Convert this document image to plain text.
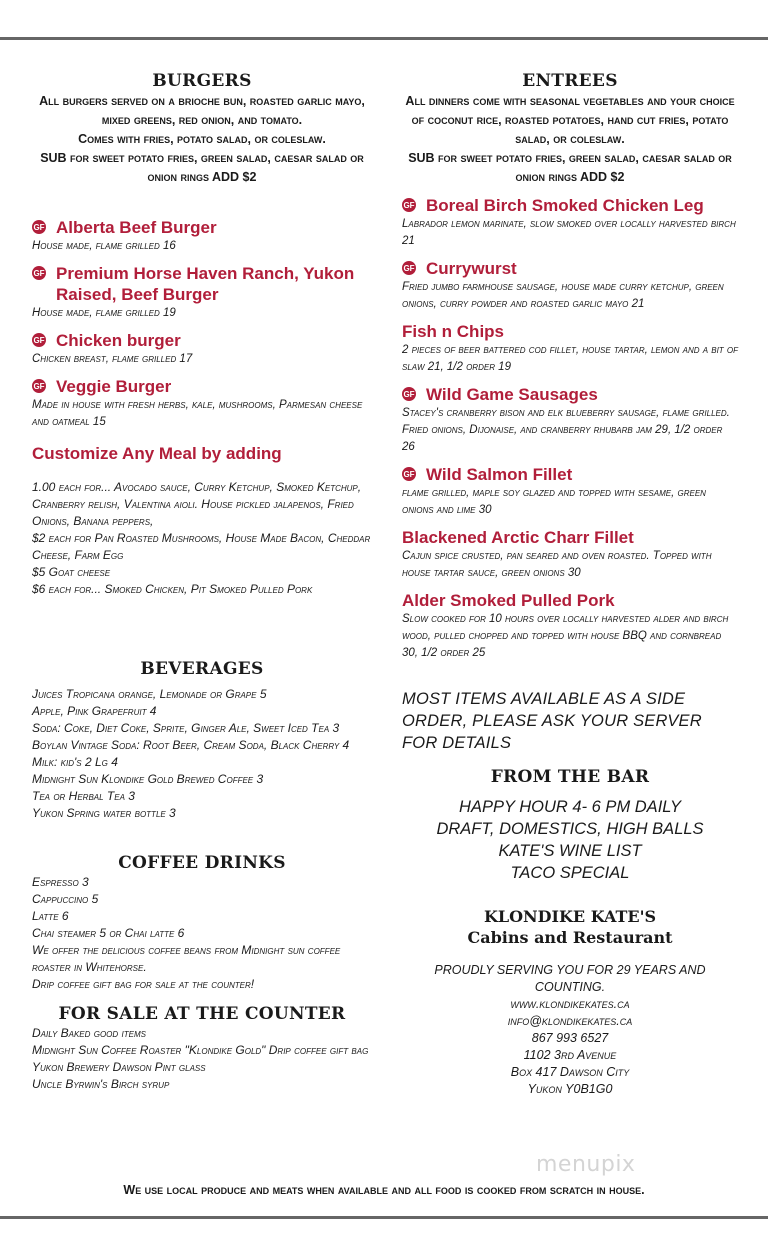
BURGERS
All burgers served on a brioche bun, roasted garlic mayo, mixed greens, red onion, and tomato.
Comes with fries, potato salad, or coleslaw.
SUB for sweet potato fries, green salad, caesar salad or onion rings ADD $2
GF Alberta Beef Burger
House made, flame grilled 16
GF Premium Horse Haven Ranch, Yukon Raised, Beef Burger
House made, flame grilled 19
GF Chicken burger
Chicken breast, flame grilled 17
GF Veggie Burger
Made in house with fresh herbs, kale, mushrooms, Parmesan cheese and oatmeal 15
Customize Any Meal by adding
1.00 each for... Avocado sauce, Curry Ketchup, Smoked Ketchup, Cranberry relish, Valentina aioli. House pickled jalapenos, Fried Onions, Banana peppers,
$2 each for Pan Roasted Mushrooms, House Made Bacon, Cheddar Cheese, Farm Egg
$5 Goat cheese
$6 each for... Smoked Chicken, Pit Smoked Pulled Pork
BEVERAGES
Juices Tropicana orange, Lemonade or Grape 5
Apple, Pink Grapefruit 4
Soda: Coke, Diet Coke, Sprite, Ginger Ale, Sweet Iced Tea 3
Boylan Vintage Soda: Root Beer, Cream Soda, Black Cherry 4
Milk: kid's 2 Lg 4
Midnight Sun Klondike Gold Brewed Coffee 3
Tea or Herbal Tea 3
Yukon Spring water bottle 3
COFFEE DRINKS
Espresso 3
Cappuccino 5
Latte 6
Chai steamer 5 or Chai latte 6
We offer the delicious coffee beans from Midnight sun coffee roaster in Whitehorse.
Drip coffee gift bag for sale at the counter!
FOR SALE AT THE COUNTER
Daily Baked good items
Midnight Sun Coffee Roaster "Klondike Gold" Drip coffee gift bag
Yukon Brewery Dawson Pint glass
Uncle Byrwin's Birch syrup
ENTREES
All dinners come with seasonal vegetables and your choice of coconut rice, roasted potatoes, hand cut fries, potato salad, or coleslaw.
SUB for sweet potato fries, green salad, caesar salad or onion rings ADD $2
GF Boreal Birch Smoked Chicken Leg
Labrador lemon marinate, slow smoked over locally harvested birch 21
GF Currywurst
Fried jumbo farmhouse sausage, house made curry ketchup, green onions, curry powder and roasted garlic mayo 21
Fish n Chips
2 pieces of beer battered cod fillet, house tartar, lemon and a bit of slaw 21, 1/2 order 19
GF Wild Game Sausages
Stacey's cranberry bison and elk blueberry sausage, flame grilled. Fried onions, Dijonaise, and cranberry rhubarb jam 29, 1/2 order 26
GF Wild Salmon Fillet
flame grilled, maple soy glazed and topped with sesame, green onions and lime 30
Blackened Arctic Charr Fillet
Cajun spice crusted, pan seared and oven roasted. Topped with house tartar sauce, green onions 30
Alder Smoked Pulled Pork
Slow cooked for 10 hours over locally harvested alder and birch wood, pulled chopped and topped with house BBQ and cornbread 30, 1/2 order 25
MOST ITEMS AVAILABLE AS A SIDE ORDER, PLEASE ASK YOUR SERVER FOR DETAILS
FROM THE BAR
HAPPY HOUR 4- 6 PM DAILY
DRAFT, DOMESTICS, HIGH BALLS
KATE'S WINE LIST
TACO SPECIAL
KLONDIKE KATE'S
Cabins and Restaurant
PROUDLY SERVING YOU FOR 29 YEARS AND COUNTING.
www.klondikekates.ca
info@klondikekates.ca
867 993 6527
1102 3rd Avenue
Box 417 Dawson City
Yukon Y0B1G0
menupix
We use local produce and meats when available and all food is cooked from scratch in house.
